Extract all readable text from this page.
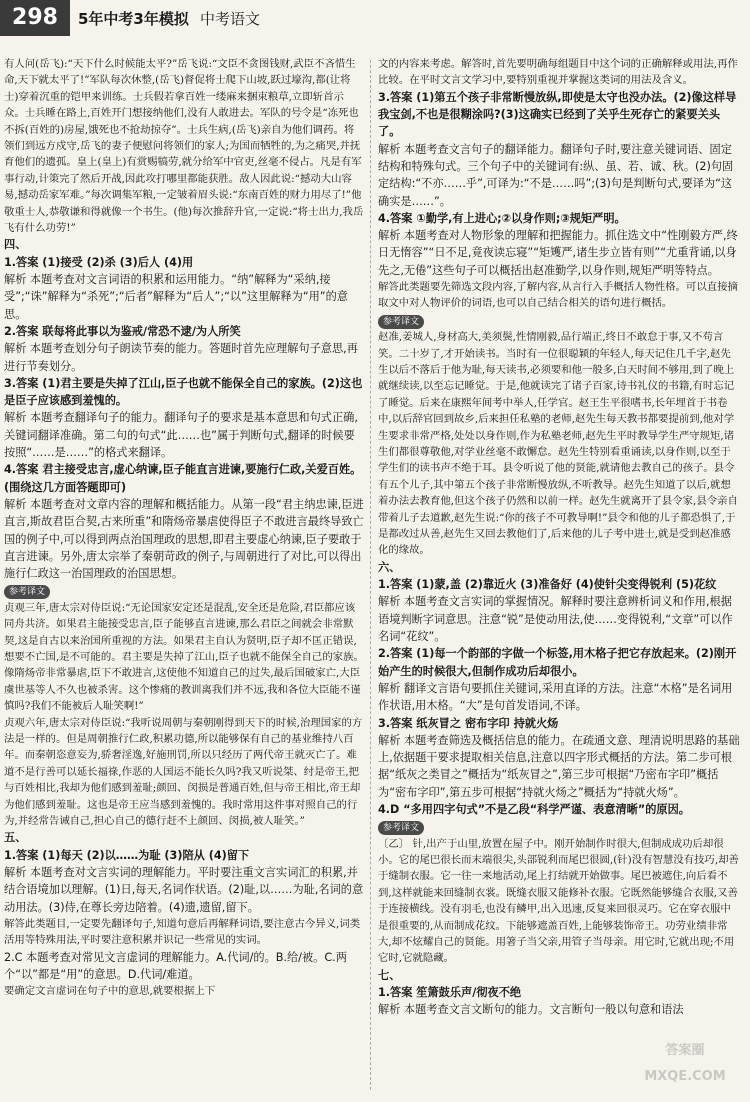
298	5年中考3年模拟 中考语文

有人问(岳飞):“天下什么时候能太平?”岳飞说:“文臣不贪图钱财,武臣不吝惜生命,天下就太平了!”军队每次休整,(岳飞)督促将士爬下山坡,跃过壕沟,都(让将士)穿着沉重的铠甲来训练。士兵假若拿百姓一缕麻来捆束粮草,立即斩首示众。士兵睡在路上,百姓开门想接纳他们,没有人敢进去。军队的号令是“冻死也不拆(百姓的)房屋,饿死也不抢劫掠夺”。士兵生病,(岳飞)亲自为他们调药。将领们到远方戍守,岳飞的妻子便慰问将领们的家人;为国而牺牲的,为之痛哭,并抚育他们的遗孤。皇上(皇上)有赏赐犒劳,就分给军中官吏,丝毫不侵占。凡是有军事行动,计策完了然后开战,因此攻打哪里都能获胜。敌人因此说:“撼动大山容易,撼动岳家军难。”每次调集军粮,一定皱着眉头说:“东南百姓的财力用尽了!”他敬重士人,恭敬谦和得就像一个书生。(他)每次推辞升官,一定说:“将士出力,我岳飞有什么功劳!”

四、

1.答案 (1)接受 (2)杀 (3)后人 (4)用

解析 本题考查对文言词语的积累和运用能力。“纳”解释为“采纳,接受”;“诛”解释为“杀死”;“后者”解释为“后人”;“以”这里解释为“用”的意思。

2.答案 联每将此事以为鉴戒/常恐不逮/为人所笑

解析 本题考查划分句子朗读节奏的能力。答题时首先应理解句子意思,再进行节奏划分。

3.答案 (1)君主要是失掉了江山,臣子也就不能保全自己的家族。(2)这也是臣子应该感到羞愧的。

解析 本题考查翻译句子的能力。翻译句子的要求是基本意思和句式正确,关键词翻译准确。第二句的句式“此……也”属于判断句式,翻译的时候要按照“……是……”的格式来翻译。

4.答案 君主接受忠言,虚心纳谏,臣子能直言进谏,要施行仁政,关爱百姓。(围绕这几方面答题即可)

解析 本题考查对文章内容的理解和概括能力。从第一段“君主纳忠谏,臣进直言,斯故君臣合契,古来所重”和隋炀帝暴虐使得臣子不敢进言最终导致亡国的例子中,可以得到两点治国理政的思想,即君主要虚心纳谏,臣子要敢于直言进谏。另外,唐太宗举了秦朝苛政的例子,与周朝进行了对比,可以得出施行仁政这一治国理政的治国思想。

参考译文

贞观三年,唐太宗对侍臣说:“无论国家安定还是混乱,安全还是危险,君臣都应该同舟共济。如果君主能接受忠言,臣子能够直言进谏,那么君臣之间就会非常默契,这是自古以来治国所重视的方法。如果君主自认为贤明,臣子却不匡正错误,想要不亡国,是不可能的。君主要是失掉了江山,臣子也就不能保全自己的家族。像隋炀帝非常暴虐,臣下不敢进言,这使他不知道自己的过失,最后国破家亡,大臣虞世基等人不久也被杀害。这个惨痛的教训离我们并不远,我和各位大臣能不谨慎吗?我们不能被后人耻笑啊!”

贞观六年,唐太宗对侍臣说:“我听说周朝与秦朝刚得到天下的时候,治理国家的方法是一样的。但是周朝推行仁政,积累功德,所以能够保有自己的基业维持八百年。而秦朝恣意妄为,骄奢淫逸,好施刑罚,所以只经历了两代帝王就灭亡了。难道不是行善可以延长福祿,作恶的人国运不能长久吗?我又听说桀、纣是帝王,把与百姓相比,我却为他们感到羞耻;颜回、闵损是普通百姓,但与帝王相比,帝王却为他们感到羞耻。这也是帝王应当感到羞愧的。我时常用这件事对照自己的行为,并经常告诫自己,担心自己的德行赶不上颜回、闵损,被人耻笑。”

五、

1.答案 (1)每天 (2)以……为耻 (3)陪从 (4)留下

解析 本题考查对文言实词的理解能力。平时要注重文言实词汇的积累,并结合语境加以理解。(1)日,每天,名词作状语。(2)耻,以……为耻,名词的意动用法。(3)侍,在尊长旁边陪着。(4)遗,遗留,留下。

解答此类题目,一定要先翻译句子,知道句意后再解释词语,要注意古今异义,词类活用等特殊用法,平时要注意积累并识记一些常见的实词。

2.C 本题考查对常见文言虚词的理解能力。A.代词/的。B.给/被。C.两个“以”都是“用”的意思。D.代词/难道。

要确定文言虚词在句子中的意思,就要根据上下

文的内容来考虑。解答时,首先要明确每组题目中这个词的正确解释或用法,再作比较。在平时文言文学习中,要特别重视并掌握这类词的用法及含义。

3.答案 (1)第五个孩子非常断慢放纵,即使是太守也没办法。(2)像这样导我宝剑,不也是很糊涂吗?(3)这确实已经到了关乎生死存亡的紧要关头了。

解析 本题考查文言句子的翻译能力。翻译句子时,要注意关键词语、固定结构和特殊句式。三个句子中的关键词有:纵、虽、若、诚、秋。(2)句固定结构:“不亦……乎”,可译为:“不是……吗”;(3)句是判断句式,要译为“这确实是……”。

4.答案 ①勤学,有上进心;②以身作则;③规矩严明。

解析 本题考查对人物形象的理解和把握能力。抓住选文中“性刚毅方严,终日无惰容”“日不足,竟夜读忘寝”“矩矱严,诸生步立皆有则”“尤重背诵,以身先之,无倦”这些句子可以概括出赵准勤学,以身作则,规矩严明等特点。

解答此类题要先筛选文段内容,了解内容,从言行入手概括人物性格。可以直接摘取文中对人物评价的词语,也可以自己结合相关的语句进行概括。

参考译文

赵准,姜城人,身材高大,美须鬓,性情刚毅,品行端正,终日不敢怠于事,又不苟言笑。二十岁了,才开始读书。当时有一位很聪颖的年轻人,每天记住几千字,赵先生以后不落后于他为耻,每天读书,必须要和他一般多,白天时间不够用,到了晚上就继续读,以至忘记睡觉。于是,他就读完了诸子百家,诗书礼仪的书籍,有时忘记了睡觉。后来在康熙年间考中举人,任学官。赵王生平很嗜书,长年埋首于书卷中,以后辞官回到故乡,后来担任私塾的老师,赵先生每天教书都要提前到,他对学生要求非常严格,处处以身作则,作为私塾老师,赵先生平时教导学生严守规矩,诸生们都很尊敬他,对学业丝毫不敢懈怠。赵先生特别看重诵读,以身作则,以至于学生们的读书声不绝于耳。县令听说了他的贤能,就请他去教自己的孩子。县令有五个儿子,其中第五个孩子非常断慢放纵,不听教导。赵先生知道了以后,就想着办法去教育他,但这个孩子仍然和以前一样。赵先生就离开了县令家,县令亲自带着儿子去道歉,赵先生说:“你的孩子不可教导啊!”县令和他的儿子都恐惧了,于是都改过从善,赵先生又回去教他们了,后来他的儿子考中进士,就是受到赵准感化的缘故。

六、

1.答案 (1)蒙,盖 (2)靠近火 (3)准备好 (4)使针尖变得锐利 (5)花纹

解析 本题考查文言实词的掌握情况。解释时要注意辨析词义和作用,根据语境判断字词意思。注意“锐”是使动用法,使……变得锐利,“文章”可以作名词“花纹”。

2.答案 (1)每一个韵部的字做一个标签,用木格子把它存放起来。(2)刚开始产生的时候很大,但制作成功后却很小。

解析 翻译文言语句要抓住关键词,采用直译的方法。注意“木格”是名词用作状语,用木格。“大”是句首发语词,不译。

3.答案 纸灰冒之 密布字印 持就火炀

解析 本题考查筛选及概括信息的能力。在疏通文意、理清说明思路的基础上,依据题干要求提取相关信息,注意以四字形式概括的方法。第二步可根据“纸灰之类冒之”概括为“纸灰冒之”,第三步可根据“乃密布字印”概括为“密布字印”,第五步可根据“持就火炀之”概括为“持就火炀”。

4.D “多用四字句式”不是乙段“科学严谨、表意清晰”的原因。

参考译文

〔乙〕 针,出产于山里,放置在屋子中。刚开始制作时很大,但制成成功后却很小。它的尾巴很长而末端很尖,头部锐利而尾巴很圆,(针)没有智慧没有技巧,却善于缝制衣服。它一往一来地活动,尾上打结就开始做事。尾巴被遮住,向后看不到,这样就能来回缝制衣裳。既缝衣服又能修补衣服。它既然能够缝合衣服,又善于连接横线。没有羽毛,也没有鳞甲,出入迅速,反复来回很灵巧。它在穿衣服中是很重要的,从而制成花纹。下能够遮盖百姓,上能够装饰帝王。功劳业绩非常大,却不炫耀自己的贤能。用箸子当父亲,用管子当母亲。用它时,它就出现;不用它时,它就隐藏。

七、

1.答案 笙箫鼓乐声/彻夜不绝

解析 本题考查文言文断句的能力。文言断句一般以句意和语法

答案圈
MXQE.COM
